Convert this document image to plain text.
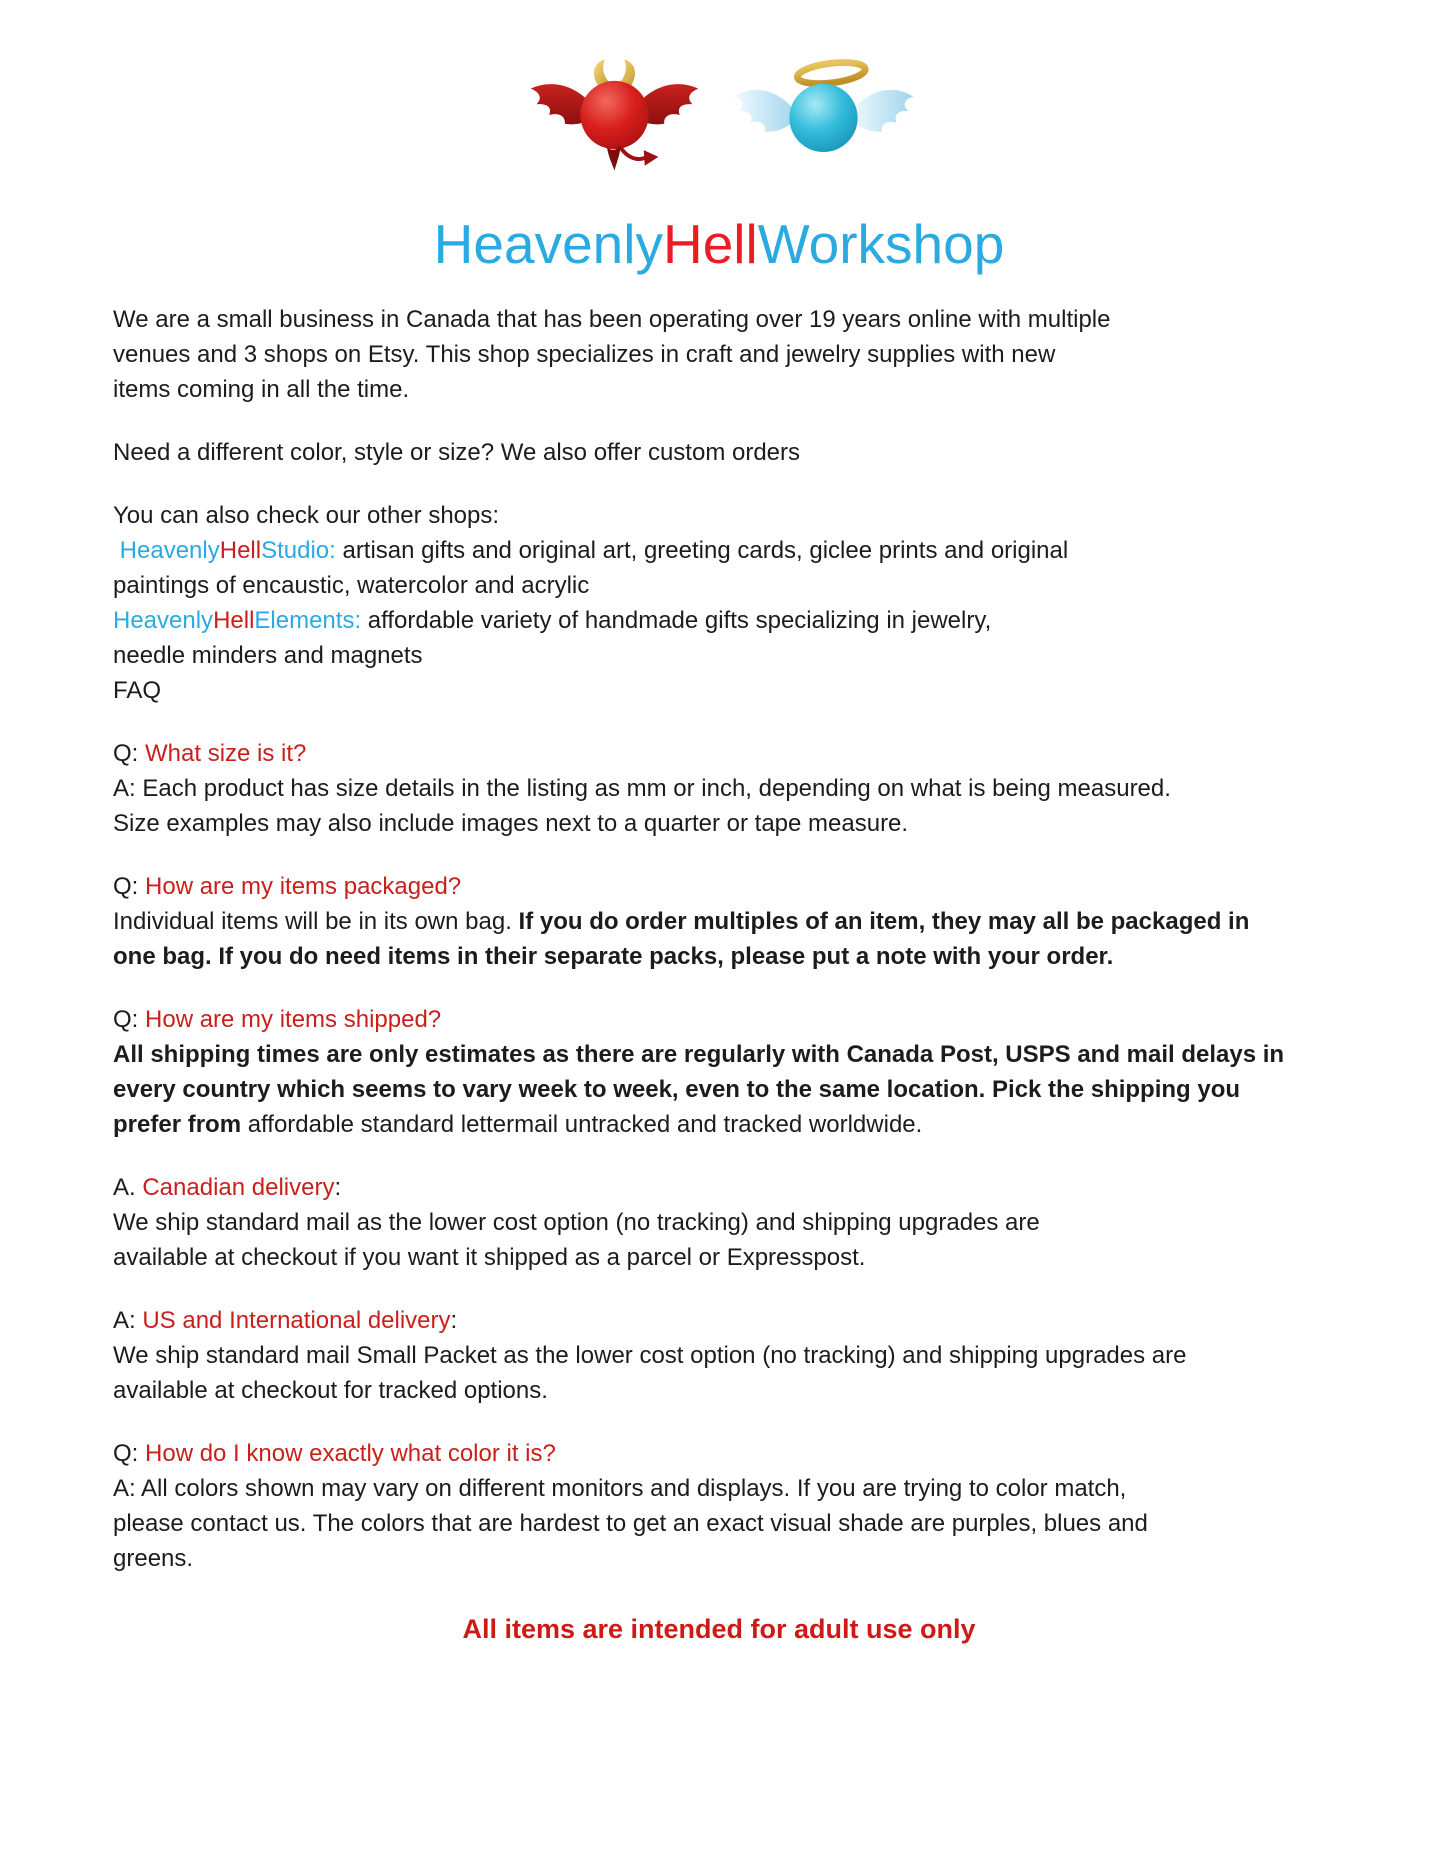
HeavenlyHellWorkshop

We are a small business in Canada that has been operating over 19 years online with multiple
venues and 3 shops on Etsy. This shop specializes in craft and jewelry supplies with new
items coming in all the time.

Need a different color, style or size? We also offer custom orders

You can also check our other shops:
HeavenlyHellStudio: artisan gifts and original art, greeting cards, giclee prints and original
paintings of encaustic, watercolor and acrylic
HeavenlyHellElements: affordable variety of handmade gifts specializing in jewelry,
needle minders and magnets
FAQ

Q: What size is it?
A: Each product has size details in the listing as mm or inch, depending on what is being measured.
Size examples may also include images next to a quarter or tape measure.

Q: How are my items packaged?
Individual items will be in its own bag. If you do order multiples of an item, they may all be packaged in
one bag. If you do need items in their separate packs, please put a note with your order.

Q: How are my items shipped?
All shipping times are only estimates as there are regularly with Canada Post, USPS and mail delays in
every country which seems to vary week to week, even to the same location. Pick the shipping you
prefer from affordable standard lettermail untracked and tracked worldwide.

A. Canadian delivery:
We ship standard mail as the lower cost option (no tracking) and shipping upgrades are
available at checkout if you want it shipped as a parcel or Expresspost.

A: US and International delivery:
We ship standard mail Small Packet as the lower cost option (no tracking) and shipping upgrades are
available at checkout for tracked options.

Q: How do I know exactly what color it is?
A: All colors shown may vary on different monitors and displays. If you are trying to color match,
please contact us. The colors that are hardest to get an exact visual shade are purples, blues and
greens.

All items are intended for adult use only
